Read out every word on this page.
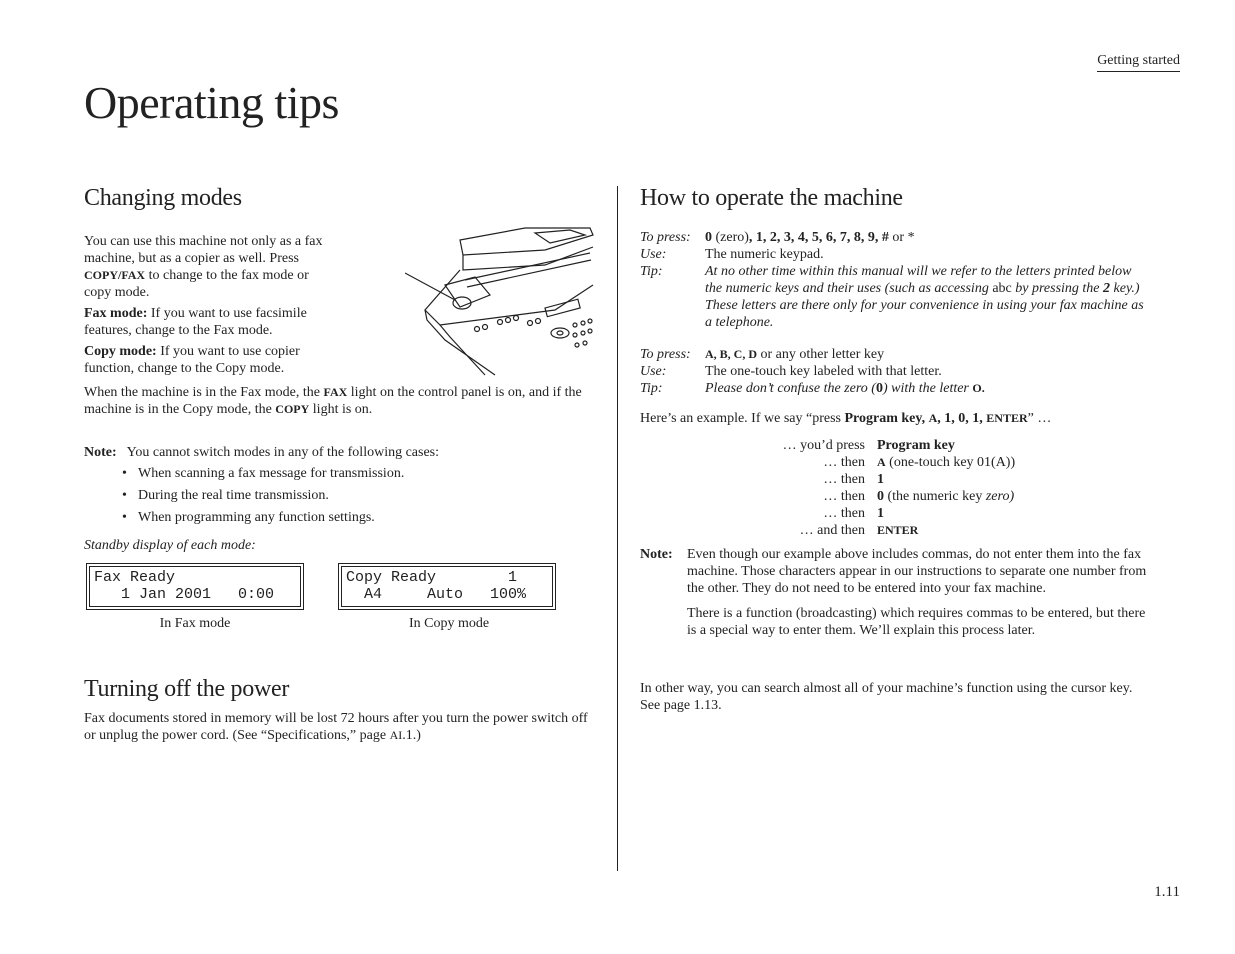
Getting started
Operating tips
Changing modes

You can use this machine not only as a fax machine, but as a copier as well. Press COPY/FAX to change to the fax mode or copy mode.

Fax mode: If you want to use facsimile features, change to the Fax mode.

Copy mode: If you want to use copier function, change to the Copy mode.

When the machine is in the Fax mode, the FAX light on the control panel is on, and if the machine is in the Copy mode, the COPY light is on.

Note: You cannot switch modes in any of the following cases:

• When scanning a fax message for transmission.
• During the real time transmission.
• When programming any function settings.

Standby display of each mode:

Fax Ready
1 Jan 2001   0:00

In Fax mode

Copy Ready        1
A4     Auto   100%

In Copy mode

Turning off the power

Fax documents stored in memory will be lost 72 hours after you turn the power switch off or unplug the power cord. (See “Specifications,” page AI.1.)

How to operate the machine
To press:	0 (zero), 1, 2, 3, 4, 5, 6, 7, 8, 9, # or *
Use:	The numeric keypad.
Tip:	At no other time within this manual will we refer to the letters printed below the numeric keys and their uses (such as accessing abc by pressing the 2 key.) These letters are there only for your convenience in using your fax machine as a telephone.
To press:	A, B, C, D or any other letter key
Use:	The one-touch key labeled with that letter.
Tip:	Please don’t confuse the zero (0) with the letter O.

Here’s an example. If we say “press Program key, A, 1, 0, 1, ENTER” …

… you’d press Program key
… then A (one-touch key 01(A))
… then 1
… then 0 (the numeric key zero)
… then 1
… and then ENTER
Note:	Even though our example above includes commas, do not enter them into the fax machine. Those characters appear in our instructions to separate one number from the other. They do not need to be entered into your fax machine.

There is a function (broadcasting) which requires commas to be entered, but there is a special way to enter them. We’ll explain this process later.

In other way, you can search almost all of your machine’s function using the cursor key. See page 1.13.

1.11
